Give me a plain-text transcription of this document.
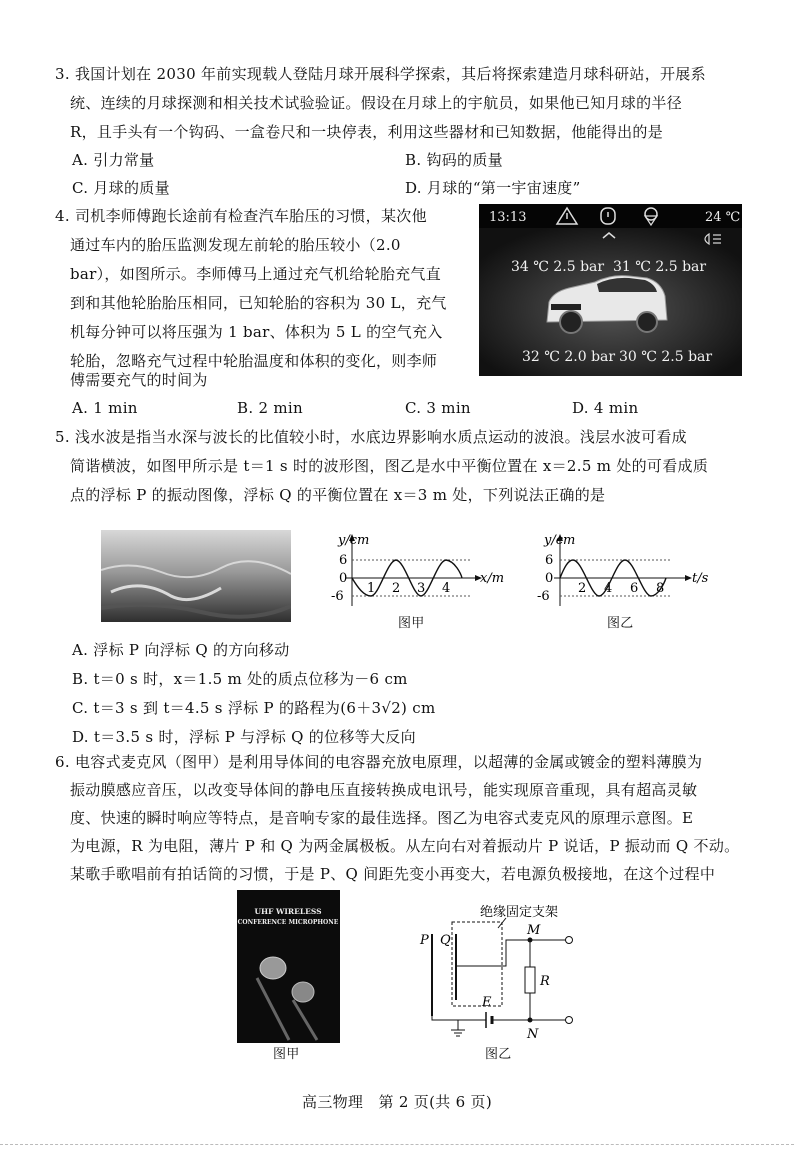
3. 我国计划在 2030 年前实现载人登陆月球开展科学探索，其后将探索建造月球科研站，开展系
统、连续的月球探测和相关技术试验验证。假设在月球上的宇航员，如果他已知月球的半径
R，且手头有一个钩码、一盒卷尺和一块停表，利用这些器材和已知数据，他能得出的是
A. 引力常量	B. 钩码的质量
C. 月球的质量	D. 月球的“第一宇宙速度”
4. 司机李师傅跑长途前有检查汽车胎压的习惯，某次他
通过车内的胎压监测发现左前轮的胎压较小（2.0
bar），如图所示。李师傅马上通过充气机给轮胎充气直
到和其他轮胎胎压相同，已知轮胎的容积为 30 L，充气
机每分钟可以将压强为 1 bar、体积为 5 L 的空气充入
轮胎，忽略充气过程中轮胎温度和体积的变化，则李师
傅需要充气的时间为
13:13	24 ℃
34 ℃ 2.5 bar 31 ℃ 2.5 bar
32 ℃ 2.0 bar 30 ℃ 2.5 bar
A. 1 min	B. 2 min	C. 3 min	D. 4 min
5. 浅水波是指当水深与波长的比值较小时，水底边界影响水质点运动的波浪。浅层水波可看成
简谐横波，如图甲所示是 t＝1 s 时的波形图，图乙是水中平衡位置在 x＝2.5 m 处的可看成质
点的浮标 P 的振动图像，浮标 Q 的平衡位置在 x＝3 m 处，下列说法正确的是
y/cm
6
0
-6
1 2 3 4
x/m
图甲
y/cm
6
0
-6
2 4 6 8
t/s
图乙
A. 浮标 P 向浮标 Q 的方向移动
B. t＝0 s 时，x＝1.5 m 处的质点位移为－6 cm
C. t＝3 s 到 t＝4.5 s 浮标 P 的路程为(6＋3√2) cm
D. t＝3.5 s 时，浮标 P 与浮标 Q 的位移等大反向
6. 电容式麦克风（图甲）是利用导体间的电容器充放电原理，以超薄的金属或镀金的塑料薄膜为
振动膜感应音压，以改变导体间的静电压直接转换成电讯号，能实现原音重现，具有超高灵敏
度、快速的瞬时响应等特点，是音响专家的最佳选择。图乙为电容式麦克风的原理示意图。E
为电源，R 为电阻，薄片 P 和 Q 为两金属极板。从左向右对着振动片 P 说话，P 振动而 Q 不动。
某歌手歌唱前有拍话筒的习惯，于是 P、Q 间距先变小再变大，若电源负极接地，在这个过程中
UHF WIRELESS
CONFERENCE MICROPHONE
图甲
绝缘固定支架
P Q
M
R
E
N
图乙
高三物理　第 2 页(共 6 页)
